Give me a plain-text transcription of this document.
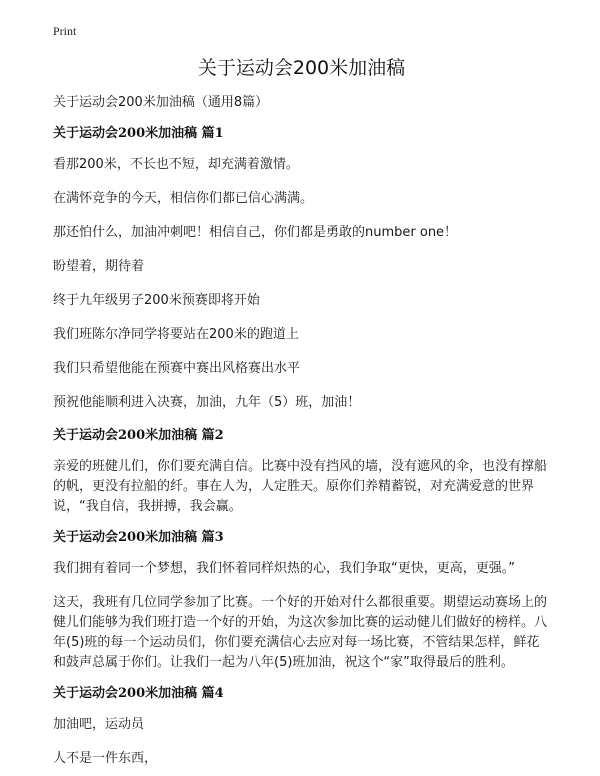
Print
关于运动会200米加油稿

关于运动会200米加油稿（通用8篇）

关于运动会200米加油稿 篇1

看那200米，不长也不短，却充满着激情。

在满怀竞争的今天，相信你们都已信心满满。

那还怕什么，加油冲刺吧！相信自己，你们都是勇敢的number one！

盼望着，期待着

终于九年级男子200米预赛即将开始

我们班陈尔净同学将要站在200米的跑道上

我们只希望他能在预赛中赛出风格赛出水平

预祝他能顺利进入决赛，加油，九年（5）班，加油！

关于运动会200米加油稿 篇2

亲爱的班健儿们，你们要充满自信。比赛中没有挡风的墙，没有遮风的伞，也没有撑船的帆，更没有拉船的纤。事在人为，人定胜天。原你们养精蓄锐，对充满爱意的世界说，“我自信，我拼搏，我会赢。

关于运动会200米加油稿 篇3

我们拥有着同一个梦想，我们怀着同样炽热的心，我们争取“更快，更高，更强。”

这天，我班有几位同学参加了比赛。一个好的开始对什么都很重要。期望运动赛场上的健儿们能够为我们班打造一个好的开始，为这次参加比赛的运动健儿们做好的榜样。八年(5)班的每一个运动员们，你们要充满信心去应对每一场比赛，不管结果怎样，鲜花和鼓声总属于你们。让我们一起为八年(5)班加油，祝这个“家”取得最后的胜利。

关于运动会200米加油稿 篇4

加油吧，运动员

人不是一件东西，
